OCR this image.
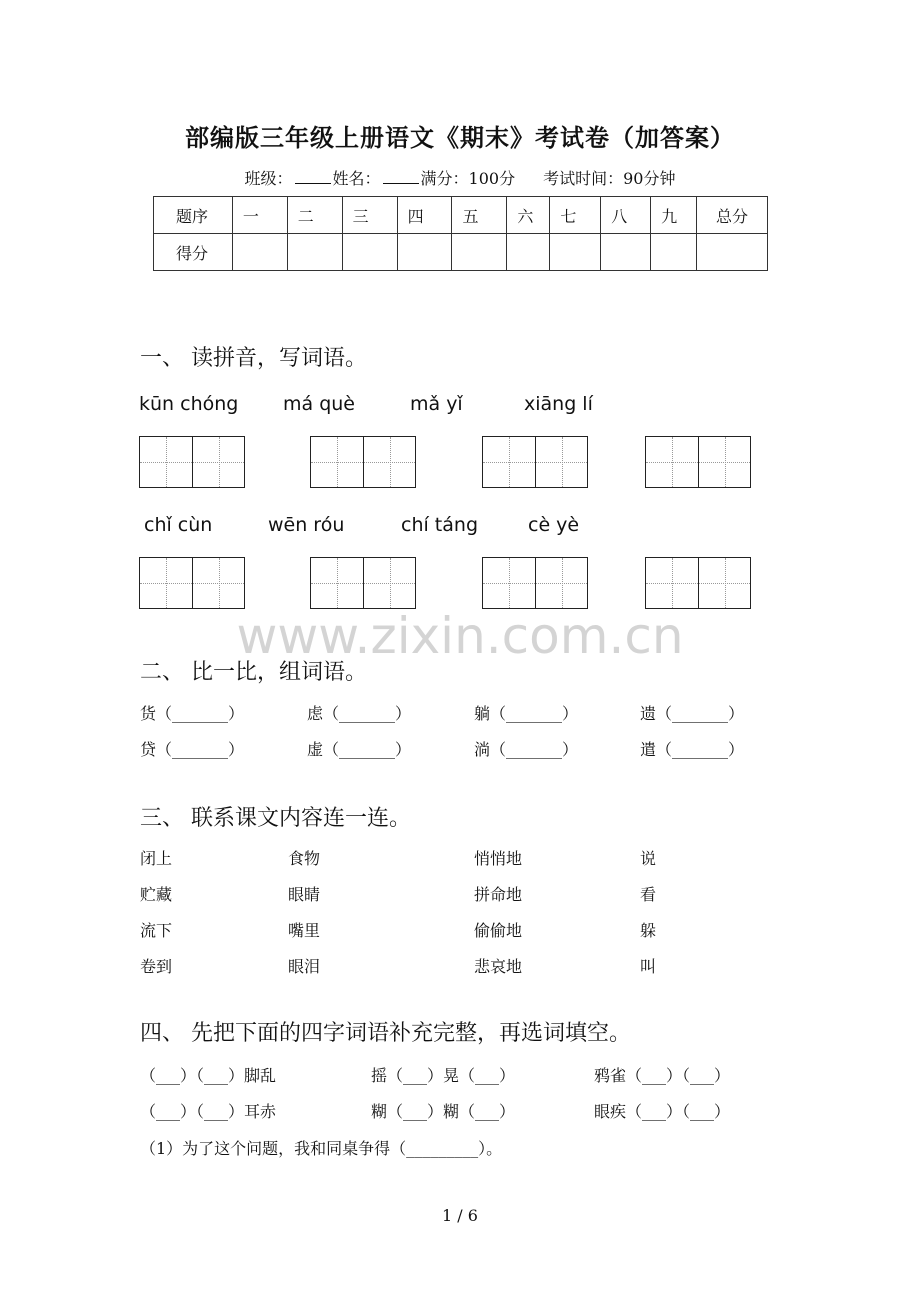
部编版三年级上册语文《期末》考试卷（加答案）
班级：	姓名：	满分：100分 考试时间：90分钟
题序	一	二	三	四	五	六	七	八	九	总分
得分										
一、 读拼音，写词语。
kūn chóng má què	mǎ yǐ	xiāng lí
chǐ cùn	wēn róu	chí táng	cè yè
www.zixin.com.cn
二、 比一比，组词语。
货（_______）	虑（_______）	躺（_______）	遗（_______）
贷（_______）	虚（_______）	淌（_______）	遣（_______）
三、 联系课文内容连一连。
闭上	食物	悄悄地	说
贮藏	眼睛	拼命地	看
流下	嘴里	偷偷地	躲
卷到	眼泪	悲哀地	叫
四、 先把下面的四字词语补充完整，再选词填空。
（___）（___）脚乱	摇（___）晃（___）	鸦雀（___）（___）
（___）（___）耳赤	糊（___）糊（___）	眼疾（___）（___）
（1）为了这个问题，我和同桌争得（_________）。
1 / 6
